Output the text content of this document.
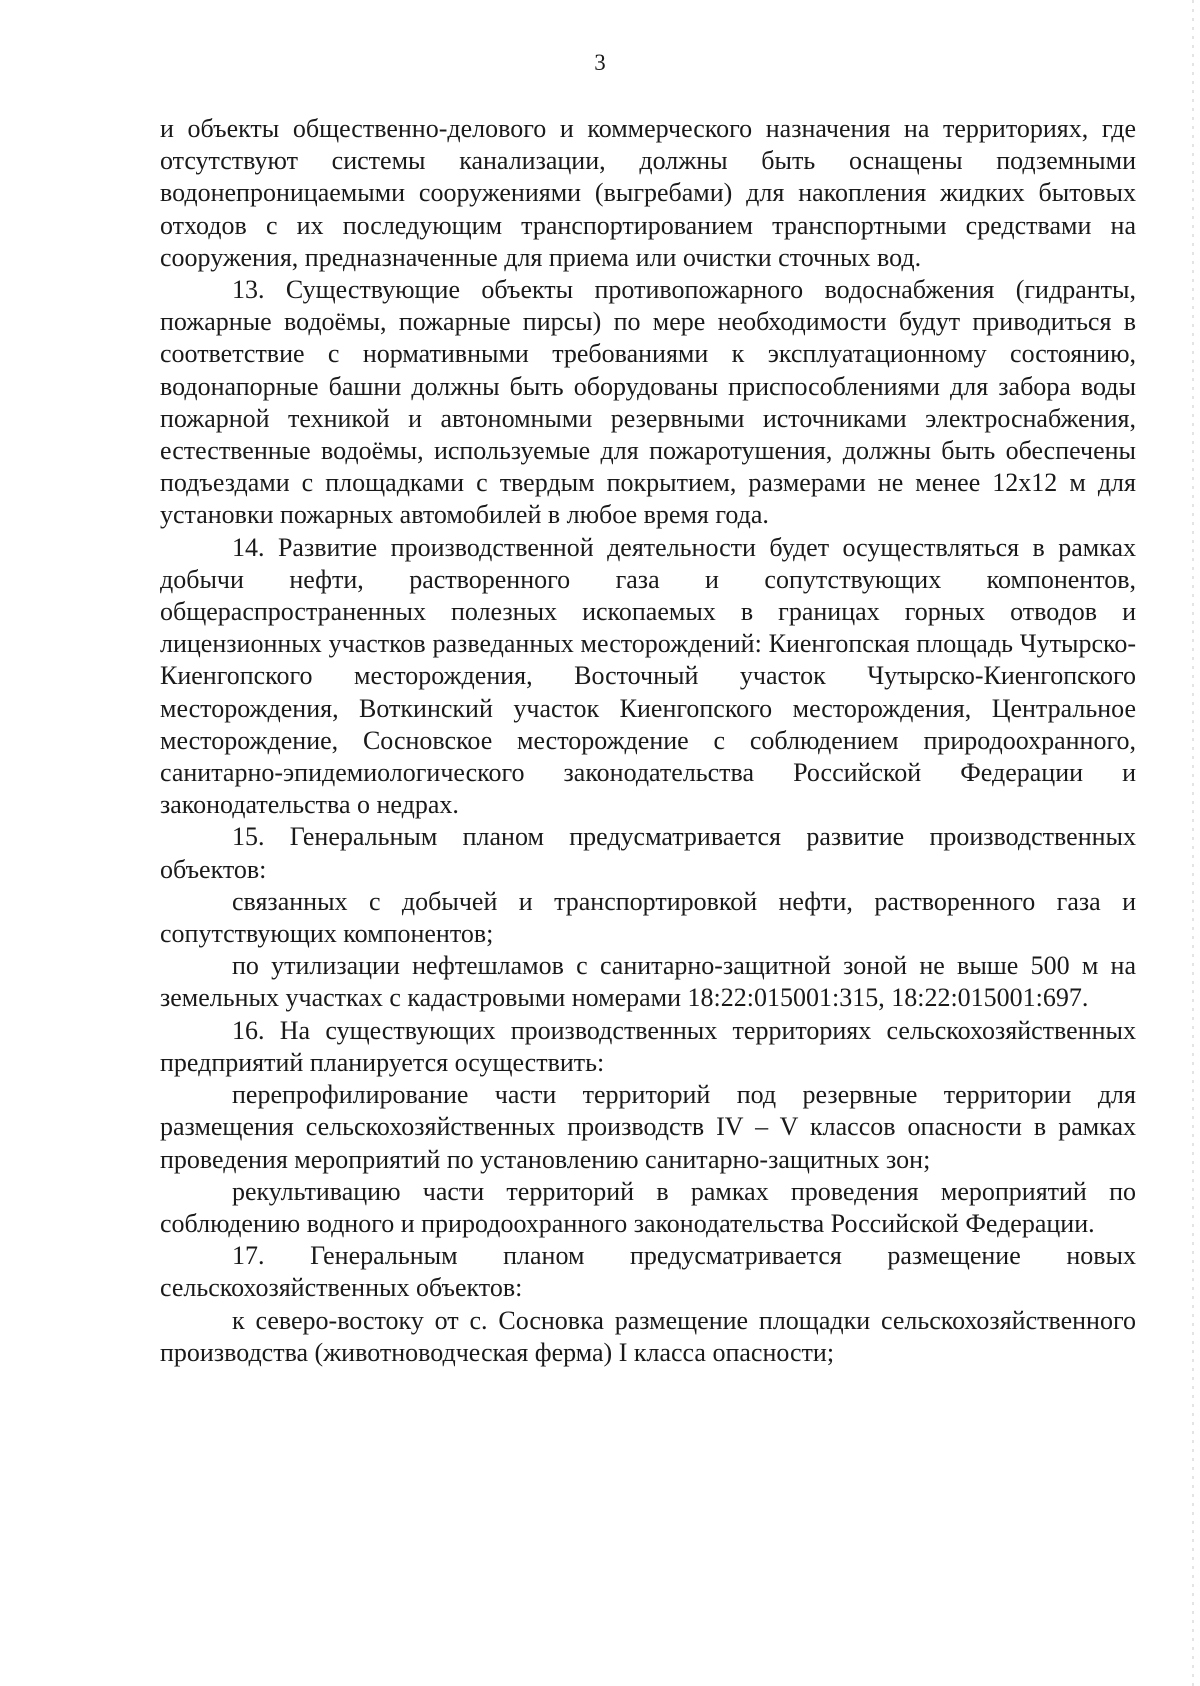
3

и объекты общественно-делового и коммерческого назначения на территориях, где отсутствуют системы канализации, должны быть оснащены подземными водонепроницаемыми сооружениями (выгребами) для накопления жидких бытовых отходов с их последующим транспортированием транспортными средствами на сооружения, предназначенные для приема или очистки сточных вод.

13. Существующие объекты противопожарного водоснабжения (гидранты, пожарные водоёмы, пожарные пирсы) по мере необходимости будут приводиться в соответствие с нормативными требованиями к эксплуатационному состоянию, водонапорные башни должны быть оборудованы приспособлениями для забора воды пожарной техникой и автономными резервными источниками электроснабжения, естественные водоёмы, используемые для пожаротушения, должны быть обеспечены подъездами с площадками с твердым покрытием, размерами не менее 12х12 м для установки пожарных автомобилей в любое время года.

14. Развитие производственной деятельности будет осуществляться в рамках добычи нефти, растворенного газа и сопутствующих компонентов, общераспространенных полезных ископаемых в границах горных отводов и лицензионных участков разведанных месторождений: Киенгопская площадь Чутырско-Киенгопского месторождения, Восточный участок Чутырско-Киенгопского месторождения, Воткинский участок Киенгопского месторождения, Центральное месторождение, Сосновское месторождение с соблюдением природоохранного, санитарно-эпидемиологического законодательства Российской Федерации и законодательства о недрах.

15. Генеральным планом предусматривается развитие производственных объектов:

связанных с добычей и транспортировкой нефти, растворенного газа и сопутствующих компонентов;

по утилизации нефтешламов с санитарно-защитной зоной не выше 500 м на земельных участках с кадастровыми номерами 18:22:015001:315, 18:22:015001:697.

16. На существующих производственных территориях сельскохозяйственных предприятий планируется осуществить:

перепрофилирование части территорий под резервные территории для размещения сельскохозяйственных производств IV – V классов опасности в рамках проведения мероприятий по установлению санитарно-защитных зон;

рекультивацию части территорий в рамках проведения мероприятий по соблюдению водного и природоохранного законодательства Российской Федерации.

17. Генеральным планом предусматривается размещение новых сельскохозяйственных объектов:

к северо-востоку от с. Сосновка размещение площадки сельскохозяйственного производства (животноводческая ферма) I класса опасности;
